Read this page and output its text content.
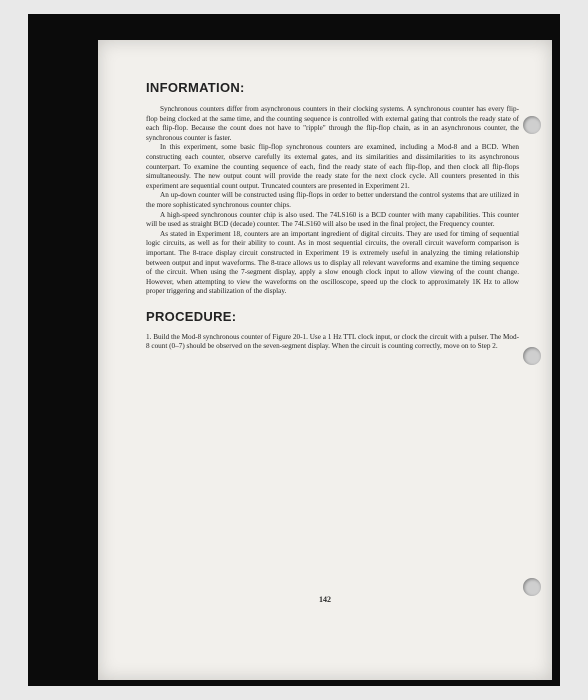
INFORMATION:

Synchronous counters differ from asynchronous counters in their clocking systems. A synchronous counter has every flip-flop being clocked at the same time, and the counting sequence is controlled with external gating that controls the ready state of each flip-flop. Because the count does not have to "ripple" through the flip-flop chain, as in an asynchronous counter, the synchronous counter is faster.

In this experiment, some basic flip-flop synchronous counters are examined, including a Mod-8 and a BCD. When constructing each counter, observe carefully its external gates, and its similarities and dissimilarities to its asynchronous counterpart. To examine the counting sequence of each, find the ready state of each flip-flop, and then clock all flip-flops simultaneously. The new output count will provide the ready state for the next clock cycle. All counters presented in this experiment are sequential count output. Truncated counters are presented in Experiment 21.

An up-down counter will be constructed using flip-flops in order to better understand the control systems that are utilized in the more sophisticated synchronous counter chips.

A high-speed synchronous counter chip is also used. The 74LS160 is a BCD counter with many capabilities. This counter will be used as straight BCD (decade) counter. The 74LS160 will also be used in the final project, the Frequency counter.

As stated in Experiment 18, counters are an important ingredient of digital circuits. They are used for timing of sequential logic circuits, as well as for their ability to count. As in most sequential circuits, the overall circuit waveform comparison is important. The 8-trace display circuit constructed in Experiment 19 is extremely useful in analyzing the timing relationship between output and input waveforms. The 8-trace allows us to display all relevant waveforms and examine the timing sequence of the circuit. When using the 7-segment display, apply a slow enough clock input to allow viewing of the count change. However, when attempting to view the waveforms on the oscilloscope, speed up the clock to approximately 1K Hz to allow proper triggering and stabilization of the display.

PROCEDURE:

1. Build the Mod-8 synchronous counter of Figure 20-1. Use a 1 Hz TTL clock input, or clock the circuit with a pulser. The Mod-8 count (0–7) should be observed on the seven-segment display. When the circuit is counting correctly, move on to Step 2.

142
